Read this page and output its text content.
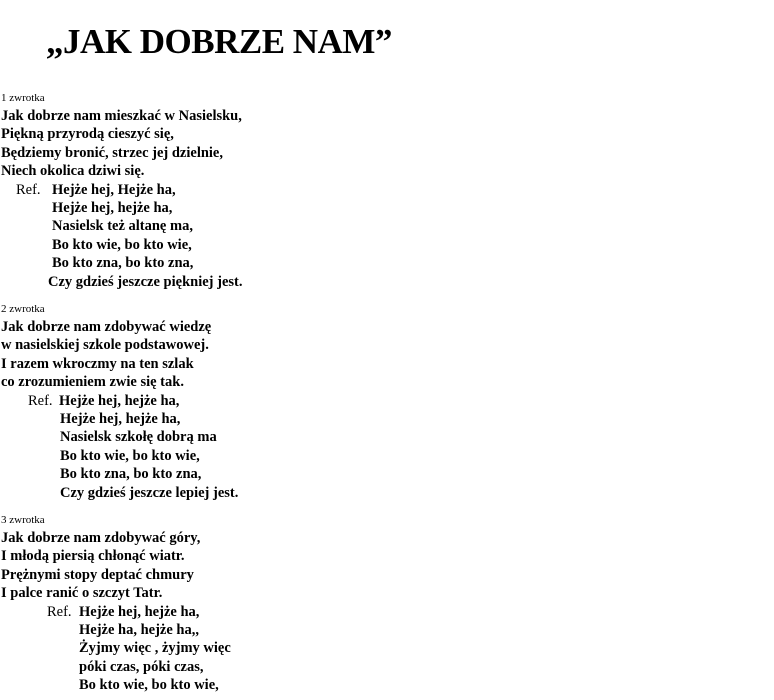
„JAK DOBRZE NAM”
1 zwrotka
Jak dobrze nam mieszkać w Nasielsku,
Piękną przyrodą cieszyć się,
Będziemy bronić, strzec jej dzielnie,
Niech okolica dziwi się.
Ref. Hejże hej, Hejże ha,
Hejże hej, hejże ha,
Nasielsk też altanę ma,
Bo kto wie, bo kto wie,
Bo kto zna, bo kto zna,
Czy gdzieś jeszcze piękniej jest.
2 zwrotka
Jak dobrze nam zdobywać wiedzę
w nasielskiej szkole podstawowej.
I razem wkroczmy na ten szlak
co zrozumieniem zwie się tak.
Ref. Hejże hej, hejże ha,
Hejże hej, hejże ha,
Nasielsk szkołę dobrą ma
Bo kto wie, bo kto wie,
Bo kto zna, bo kto zna,
Czy gdzieś jeszcze lepiej jest.
3 zwrotka
Jak dobrze nam zdobywać góry,
I młodą piersią chłonąć wiatr.
Prężnymi stopy deptać chmury
I palce ranić o szczyt Tatr.
Ref. Hejże hej, hejże ha,
Hejże ha, hejże ha,,
Żyjmy więc , żyjmy więc
póki czas, póki czas,
Bo kto wie, bo kto wie,
